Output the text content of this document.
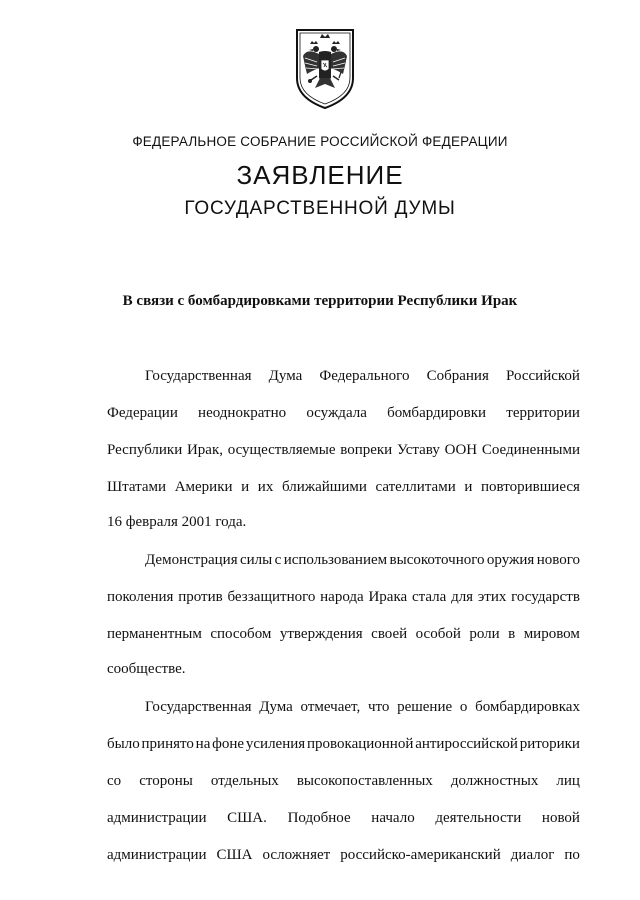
ФЕДЕРАЛЬНОЕ СОБРАНИЕ РОССИЙСКОЙ ФЕДЕРАЦИИ
ЗАЯВЛЕНИЕ
ГОСУДАРСТВЕННОЙ ДУМЫ
В связи с бомбардировками территории Республики Ирак
Государственная Дума Федерального Собрания Российской
Федерации неоднократно осуждала бомбардировки территории
Республики Ирак, осуществляемые вопреки Уставу ООН Соединенными
Штатами Америки и их ближайшими сателлитами и повторившиеся
16 февраля 2001 года.
Демонстрация силы с использованием высокоточного оружия нового
поколения против беззащитного народа Ирака стала для этих государств
перманентным способом утверждения своей особой роли в мировом
сообществе.
Государственная Дума отмечает, что решение о бомбардировках
было принято на фоне усиления провокационной антироссийской риторики
со стороны отдельных высокопоставленных должностных лиц
администрации США. Подобное начало деятельности новой
администрации США осложняет российско-американский диалог по
